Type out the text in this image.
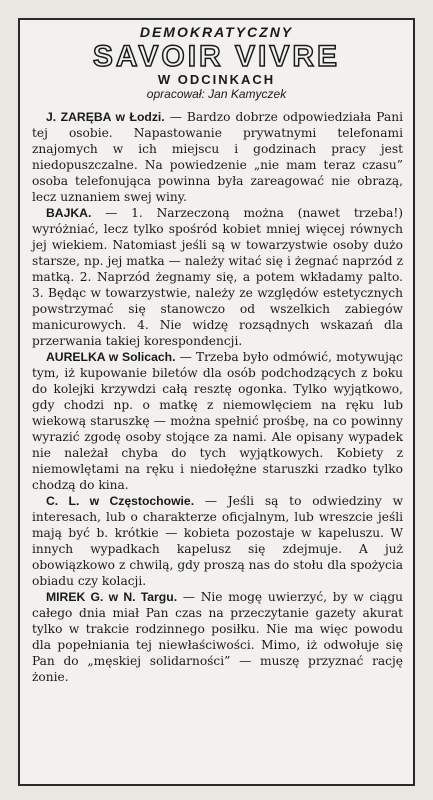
DEMOKRATYCZNY
SAVOIR VIVRE
W ODCINKACH
opracował: Jan Kamyczek

J. ZARĘBA w Łodzi. — Bardzo dobrze odpowiedziała Pani tej osobie. Napastowanie prywatnymi telefonami znajomych w ich miejscu i godzinach pracy jest niedopuszczalne. Na powiedzenie „nie mam teraz czasu” osoba telefonująca powinna była zareagować nie obrazą, lecz uznaniem swej winy.

BAJKA. — 1. Narzeczoną można (nawet trzeba!) wyróżniać, lecz tylko spośród kobiet mniej więcej równych jej wiekiem. Natomiast jeśli są w towarzystwie osoby dużo starsze, np. jej matka — należy witać się i żegnać naprzód z matką. 2. Naprzód żegnamy się, a potem wkładamy palto. 3. Będąc w towarzystwie, należy ze względów estetycznych powstrzymać się stanowczo od wszelkich zabiegów manicurowych. 4. Nie widzę rozsądnych wskazań dla przerwania takiej korespondencji.

AURELKA w Solicach. — Trzeba było odmówić, motywując tym, iż kupowanie biletów dla osób podchodzących z boku do kolejki krzywdzi całą resztę ogonka. Tylko wyjątkowo, gdy chodzi np. o matkę z niemowlęciem na ręku lub wiekową staruszkę — można spełnić prośbę, na co powinny wyrazić zgodę osoby stojące za nami. Ale opisany wypadek nie należał chyba do tych wyjątkowych. Kobiety z niemowlętami na ręku i niedołężne staruszki rzadko tylko chodzą do kina.

C. L. w Częstochowie. — Jeśli są to odwiedziny w interesach, lub o charakterze oficjalnym, lub wreszcie jeśli mają być b. krótkie — kobieta pozostaje w kapeluszu. W innych wypadkach kapelusz się zdejmuje. A już obowiązkowo z chwilą, gdy proszą nas do stołu dla spożycia obiadu czy kolacji.

MIREK G. w N. Targu. — Nie mogę uwierzyć, by w ciągu całego dnia miał Pan czas na przeczytanie gazety akurat tylko w trakcie rodzinnego posiłku. Nie ma więc powodu dla popełniania tej niewłaściwości. Mimo, iż odwołuje się Pan do „męskiej solidarności” — muszę przyznać rację żonie.
